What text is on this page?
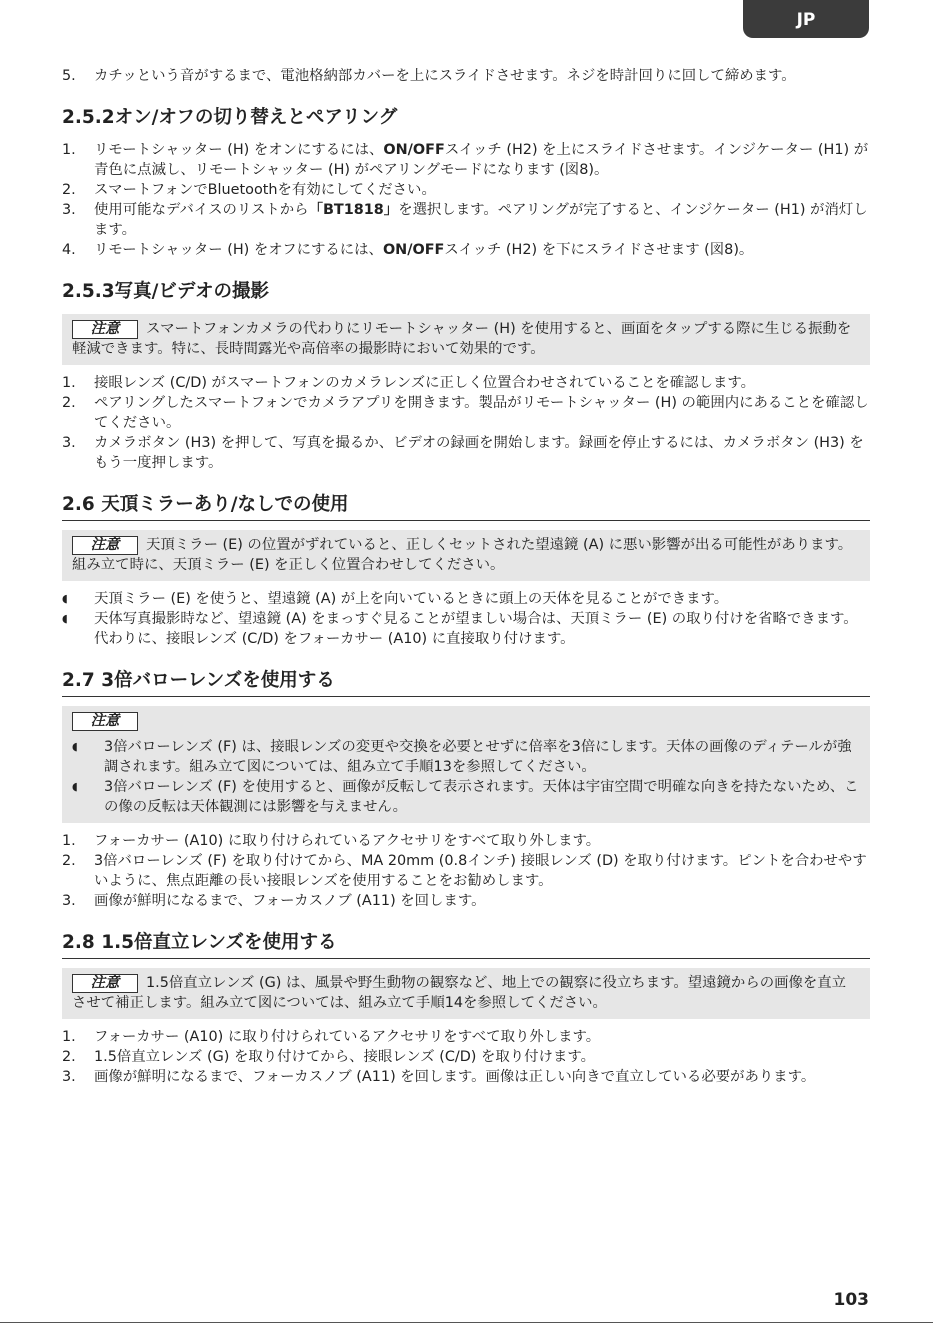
JP
5.	カチッという音がするまで、電池格納部カバーを上にスライドさせます。ネジを時計回りに回して締めます。
2.5.2オン/オフの切り替えとペアリング
1.	リモートシャッター (H) をオンにするには、ON/OFFスイッチ (H2) を上にスライドさせます。インジケーター (H1) が青色に点滅し、リモートシャッター (H) がペアリングモードになります (図8)。
2.	スマートフォンでBluetoothを有効にしてください。
3.	使用可能なデバイスのリストから「BT1818」を選択します。ペアリングが完了すると、インジケーター (H1) が消灯します。
4.	リモートシャッター (H) をオフにするには、ON/OFFスイッチ (H2) を下にスライドさせます (図8)。
2.5.3写真/ビデオの撮影
注意 スマートフォンカメラの代わりにリモートシャッター (H) を使用すると、画面をタップする際に生じる振動を軽減できます。特に、長時間露光や高倍率の撮影時において効果的です。
1.	接眼レンズ (C/D) がスマートフォンのカメラレンズに正しく位置合わせされていることを確認します。
2.	ペアリングしたスマートフォンでカメラアプリを開きます。製品がリモートシャッター (H) の範囲内にあることを確認してください。
3.	カメラボタン (H3) を押して、写真を撮るか、ビデオの録画を開始します。録画を停止するには、カメラボタン (H3) をもう一度押します。
2.6 天頂ミラーあり/なしでの使用
注意 天頂ミラー (E) の位置がずれていると、正しくセットされた望遠鏡 (A) に悪い影響が出る可能性があります。組み立て時に、天頂ミラー (E) を正しく位置合わせしてください。
◖	天頂ミラー (E) を使うと、望遠鏡 (A) が上を向いているときに頭上の天体を見ることができます。
◖	天体写真撮影時など、望遠鏡 (A) をまっすぐ見ることが望ましい場合は、天頂ミラー (E) の取り付けを省略できます。代わりに、接眼レンズ (C/D) をフォーカサー (A10) に直接取り付けます。
2.7 3倍バローレンズを使用する
注意
◖	3倍バローレンズ (F) は、接眼レンズの変更や交換を必要とせずに倍率を3倍にします。天体の画像のディテールが強調されます。組み立て図については、組み立て手順13を参照してください。
◖	3倍バローレンズ (F) を使用すると、画像が反転して表示されます。天体は宇宙空間で明確な向きを持たないため、この像の反転は天体観測には影響を与えません。
1.	フォーカサー (A10) に取り付けられているアクセサリをすべて取り外します。
2.	3倍バローレンズ (F) を取り付けてから、MA 20mm (0.8インチ) 接眼レンズ (D) を取り付けます。ピントを合わせやすいように、焦点距離の長い接眼レンズを使用することをお勧めします。
3.	画像が鮮明になるまで、フォーカスノブ (A11) を回します。
2.8 1.5倍直立レンズを使用する
注意 1.5倍直立レンズ (G) は、風景や野生動物の観察など、地上での観察に役立ちます。望遠鏡からの画像を直立させて補正します。組み立て図については、組み立て手順14を参照してください。
1.	フォーカサー (A10) に取り付けられているアクセサリをすべて取り外します。
2.	1.5倍直立レンズ (G) を取り付けてから、接眼レンズ (C/D) を取り付けます。
3.	画像が鮮明になるまで、フォーカスノブ (A11) を回します。画像は正しい向きで直立している必要があります。
103
